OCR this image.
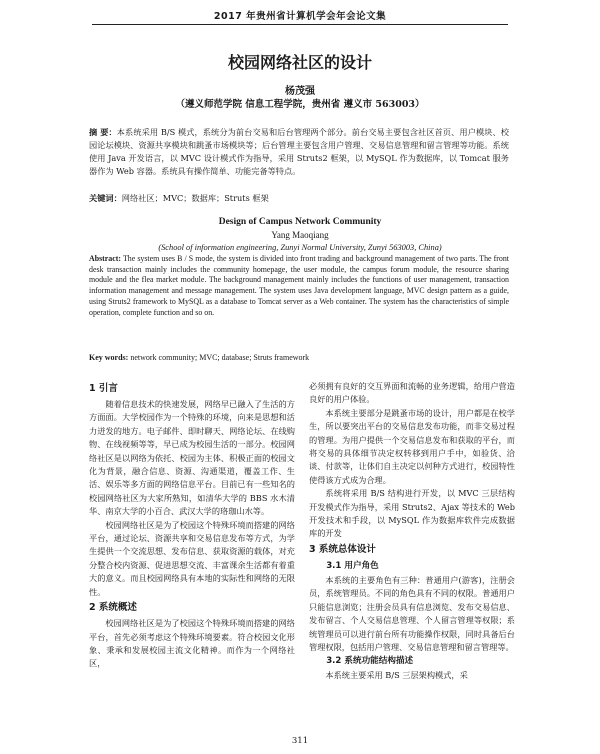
2017 年贵州省计算机学会年会论文集
校园网络社区的设计
杨茂强
（遵义师范学院 信息工程学院，贵州省 遵义市 563003）
摘 要：本系统采用 B/S 模式，系统分为前台交易和后台管理两个部分。前台交易主要包含社区首页、用户模块、校园论坛模块、资源共享模块和跳蚤市场模块等；后台管理主要包含用户管理、交易信息管理和留言管理等功能。系统使用 Java 开发语言，以 MVC 设计模式作为指导，采用 Struts2 框架，以 MySQL 作为数据库，以 Tomcat 服务器作为 Web 容器。系统具有操作简单、功能完备等特点。
关键词：网络社区；MVC；数据库；Struts 框架
Design of Campus Network Community
Yang Maoqiang
(School of information engineering, Zunyi Normal University, Zunyi 563003, China)
Abstract: The system uses B / S mode, the system is divided into front trading and background management of two parts. The front desk transaction mainly includes the community homepage, the user module, the campus forum module, the resource sharing module and the flea market module. The background management mainly includes the functions of user management, transaction information management and message management. The system uses Java development language, MVC design pattern as a guide, using Struts2 framework to MySQL as a database to Tomcat server as a Web container. The system has the characteristics of simple operation, complete function and so on.
Key words: network community; MVC; database; Struts framework
1 引言

随着信息技术的快速发展，网络早已融入了生活的方方面面。大学校园作为一个特殊的环境，向来是思想和活力迸发的地方。电子邮件、即时聊天、网络论坛、在线购物、在线视频等等，早已成为校园生活的一部分。校园网络社区是以网络为依托、校园为主体、积极正面的校园文化为背景，融合信息、资源、沟通渠道，覆盖工作、生活、娱乐等多方面的网络信息平台。目前已有一些知名的校园网络社区为大家所熟知，如清华大学的 BBS 水木清华、南京大学的小百合、武汉大学的珞珈山水等。

校园网络社区是为了校园这个特殊环境而搭建的网络平台，通过论坛、资源共享和交易信息发布等方式，为学生提供一个交流思想、发布信息、获取资源的载体，对充分整合校内资源、促进思想交流、丰富课余生活都有着重大的意义。而且校园网络具有本地的实际性和网络的无限性。

2 系统概述

校园网络社区是为了校园这个特殊环境而搭建的网络平台，首先必须考虑这个特殊环境要素。符合校园文化形象、秉承和发展校园主流文化精神。而作为一个网络社区，

必须拥有良好的交互界面和流畅的业务逻辑，给用户营造良好的用户体验。

本系统主要部分是跳蚤市场的设计，用户都是在校学生，所以要突出平台的交易信息发布功能，而非交易过程的管理。为用户提供一个交易信息发布和获取的平台，而将交易的具体细节决定权转移到用户手中，如验货、洽谈、付款等，让体们自主决定以何种方式进行，校园特性使得该方式成为合理。

系统将采用 B/S 结构进行开发，以 MVC 三层结构开发模式作为指导，采用 Struts2、Ajax 等技术的 Web 开发技术和手段，以 MySQL 作为数据库软件完成数据库的开发

3 系统总体设计
3.1 用户角色

本系统的主要角色有三种：普通用户(游客)，注册会员，系统管理员。不同的角色具有不同的权限。普通用户只能信息浏览；注册会员具有信息浏览、发布交易信息、发布留言、个人交易信息管理、个人留言管理等权限；系统管理员可以进行前台所有功能操作权限，同时具备后台管理权限，包括用户管理、交易信息管理和留言管理等。

3.2 系统功能结构描述

本系统主要采用 B/S 三层架构模式，采

311
